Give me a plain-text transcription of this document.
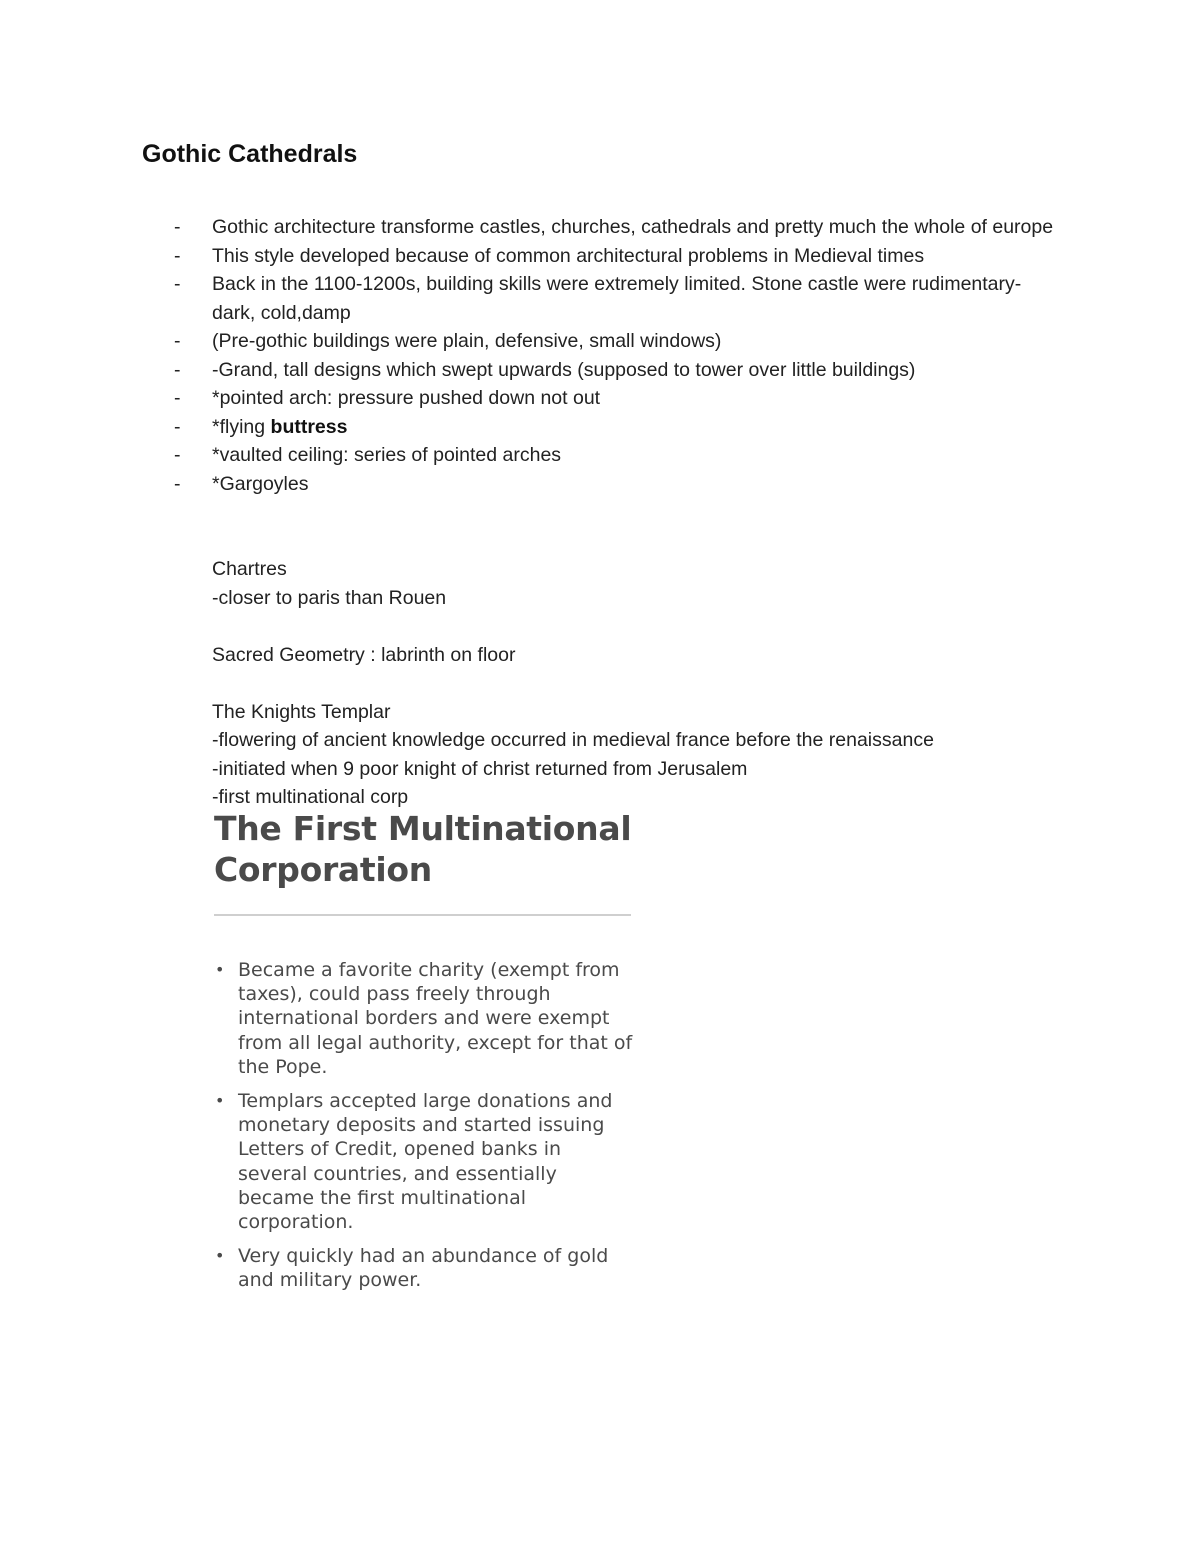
Gothic Cathedrals
- Gothic architecture transforme castles, churches, cathedrals and pretty much the whole of europe
- This style developed because of common architectural problems in Medieval times
- Back in the 1100-1200s, building skills were extremely limited. Stone castle were rudimentary- dark, cold,damp
- (Pre-gothic buildings were plain, defensive, small windows)
- -Grand, tall designs which swept upwards (supposed to tower over little buildings)
- *pointed arch: pressure pushed down not out
- *flying buttress
- *vaulted ceiling: series of pointed arches
- *Gargoyles
Chartres
-closer to paris than Rouen
Sacred Geometry : labrinth on floor
The Knights Templar
-flowering of ancient knowledge occurred in medieval france before the renaissance
-initiated when 9 poor knight of christ returned from Jerusalem
-first multinational corp
The First Multinational
Corporation
• Became a favorite charity (exempt from taxes), could pass freely through international borders and were exempt from all legal authority, except for that of the Pope.
• Templars accepted large donations and monetary deposits and started issuing Letters of Credit, opened banks in several countries, and essentially became the first multinational corporation.
• Very quickly had an abundance of gold and military power.
